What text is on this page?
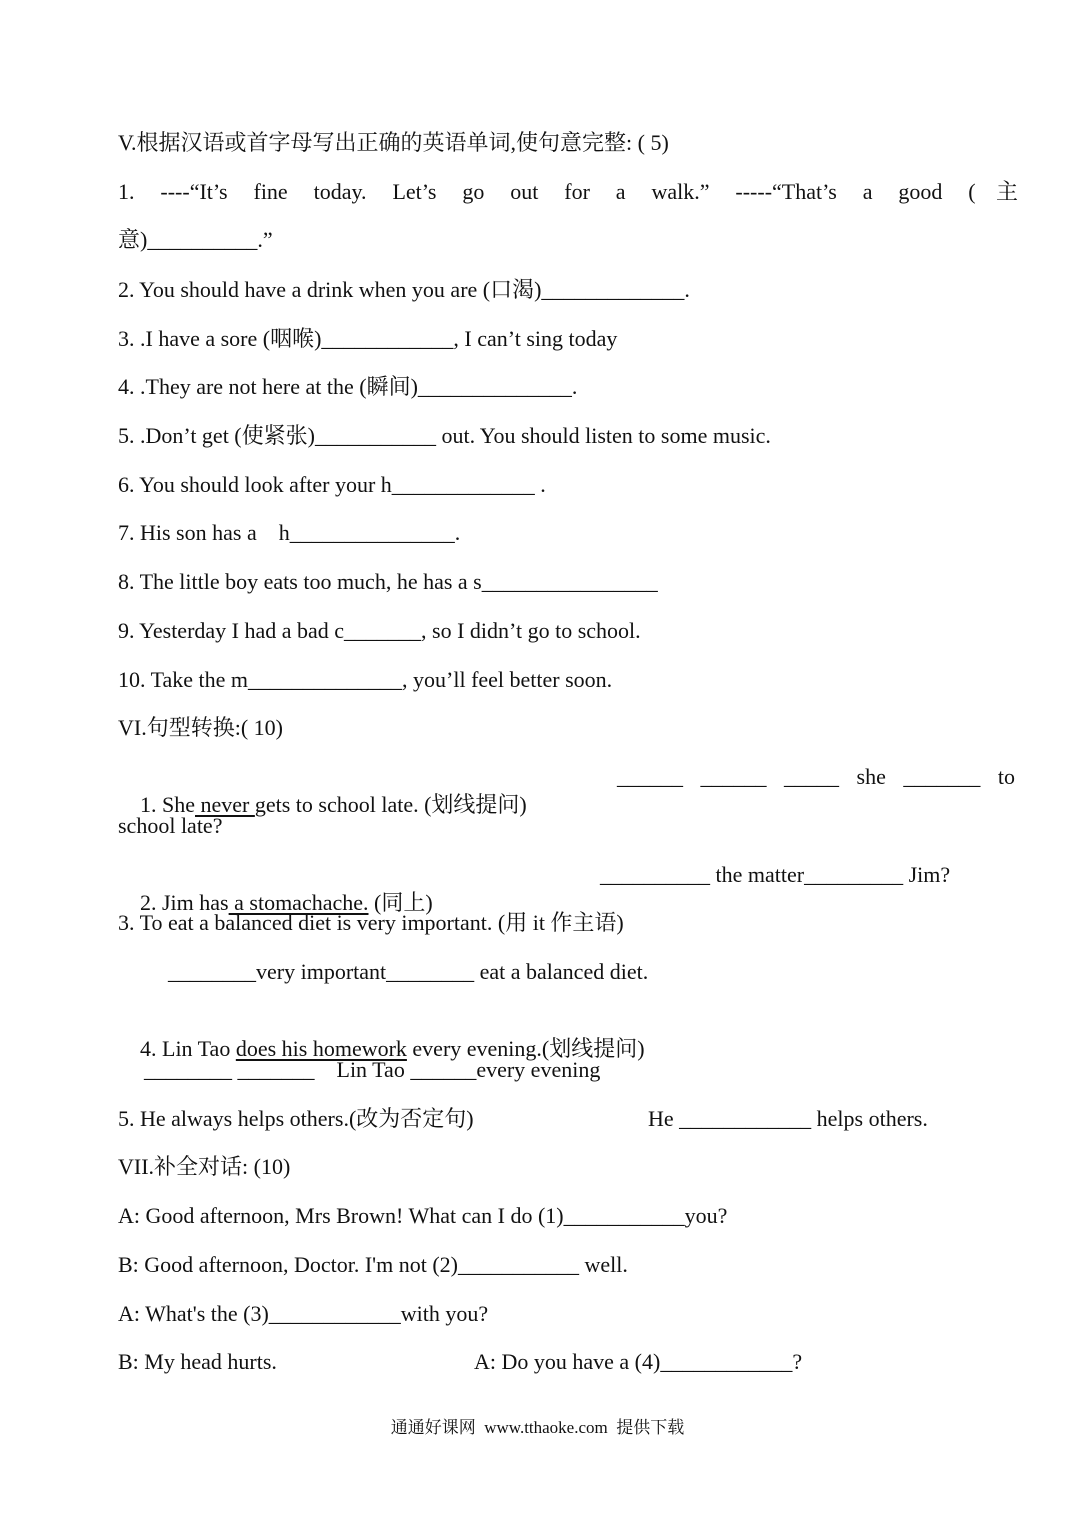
V.根据汉语或首字母写出正确的英语单词,使句意完整: ( 5)
1. ----“It’s fine today. Let’s go out for a walk.” -----“That’s a good (主
意)__________.”
2. You should have a drink when you are (口渴)_____________.
3. .I have a sore (咽喉)____________, I can’t sing today
4. .They are not here at the (瞬间)______________.
5. .Don’t get (使紧张)___________ out. You should listen to some music.
6. You should look after your h_____________ .
7. His son has a    h_______________.
8. The little boy eats too much, he has a s________________
9. Yesterday I had a bad c_______, so I didn’t go to school.
10. Take the m______________, you’ll feel better soon.
VI.句型转换:( 10)

1. She never gets to school late. (划线提问)

______ ______ _____ she _______ to
school late?

2. Jim has a stomachache. (同上)

__________ the matter_________ Jim?
3. To eat a balanced diet is very important. (用 it 作主语)
________very important________ eat a balanced diet.

4. Lin Tao does his homework every evening.(划线提问)

________ _______    Lin Tao ______every evening
5. He always helps others.(改为否定句)	He ____________ helps others.
VII.补全对话: (10)
A: Good afternoon, Mrs Brown! What can I do (1)___________you?
B: Good afternoon, Doctor. I'm not (2)___________ well.
A: What's the (3)____________with you?
B: My head hurts.	A: Do you have a (4)____________?
通通好课网  www.tthaoke.com  提供下载
